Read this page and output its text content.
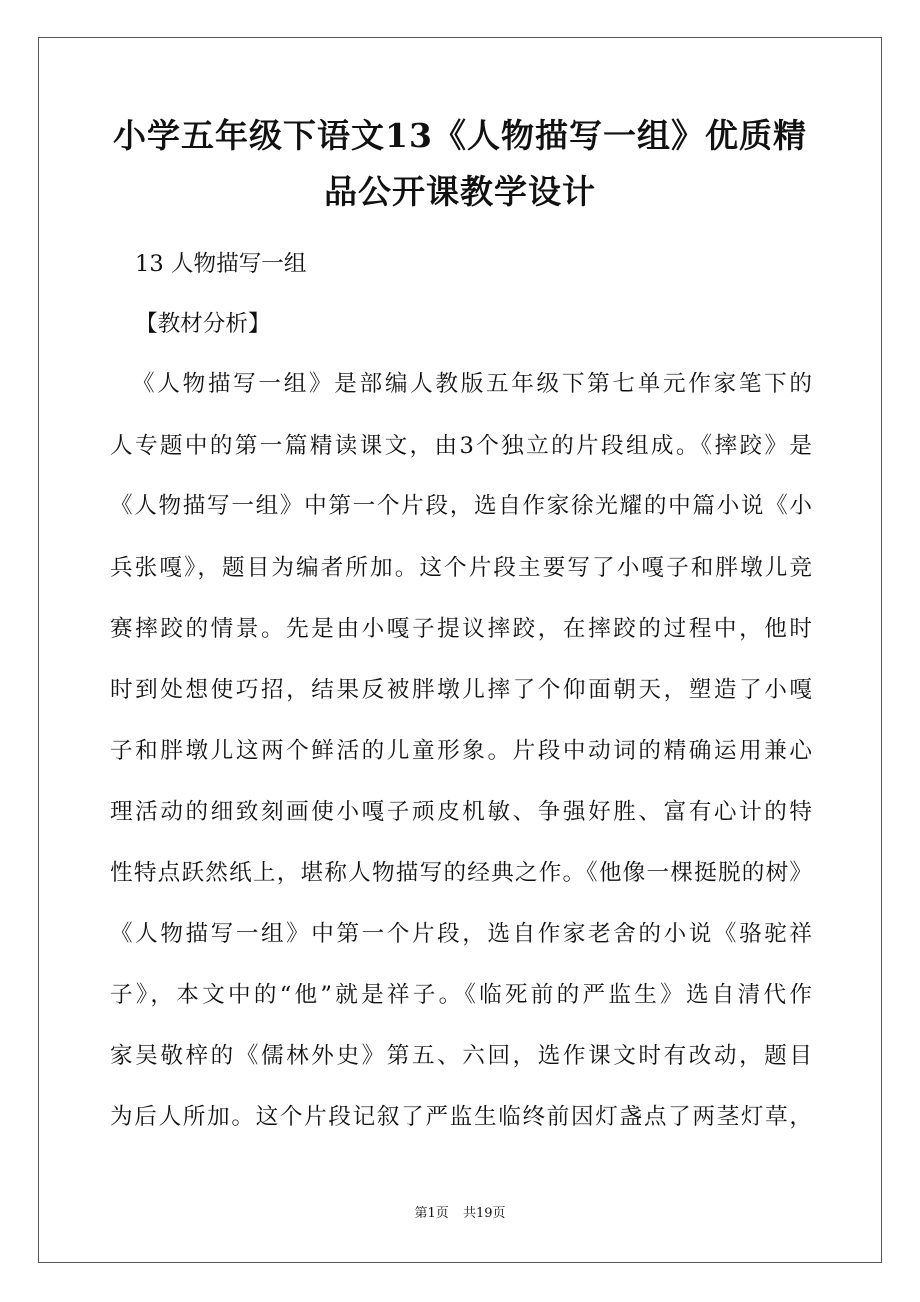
小学五年级下语文13《人物描写一组》优质精
品公开课教学设计
13 人物描写一组
【教材分析】
《人物描写一组》是部编人教版五年级下第七单元作家笔下的
人专题中的第一篇精读课文，由3个独立的片段组成。《摔跤》是
《人物描写一组》中第一个片段，选自作家徐光耀的中篇小说《小
兵张嘎》，题目为编者所加。这个片段主要写了小嘎子和胖墩儿竞
赛摔跤的情景。先是由小嘎子提议摔跤，在摔跤的过程中，他时
时到处想使巧招，结果反被胖墩儿摔了个仰面朝天，塑造了小嘎
子和胖墩儿这两个鲜活的儿童形象。片段中动词的精确运用兼心
理活动的细致刻画使小嘎子顽皮机敏、争强好胜、富有心计的特
性特点跃然纸上，堪称人物描写的经典之作。《他像一棵挺脱的树》
《人物描写一组》中第一个片段，选自作家老舍的小说《骆驼祥
子》，本文中的“他”就是祥子。《临死前的严监生》选自清代作
家吴敬梓的《儒林外史》第五、六回，选作课文时有改动，题目
为后人所加。这个片段记叙了严监生临终前因灯盏点了两茎灯草，
第1页 共19页
